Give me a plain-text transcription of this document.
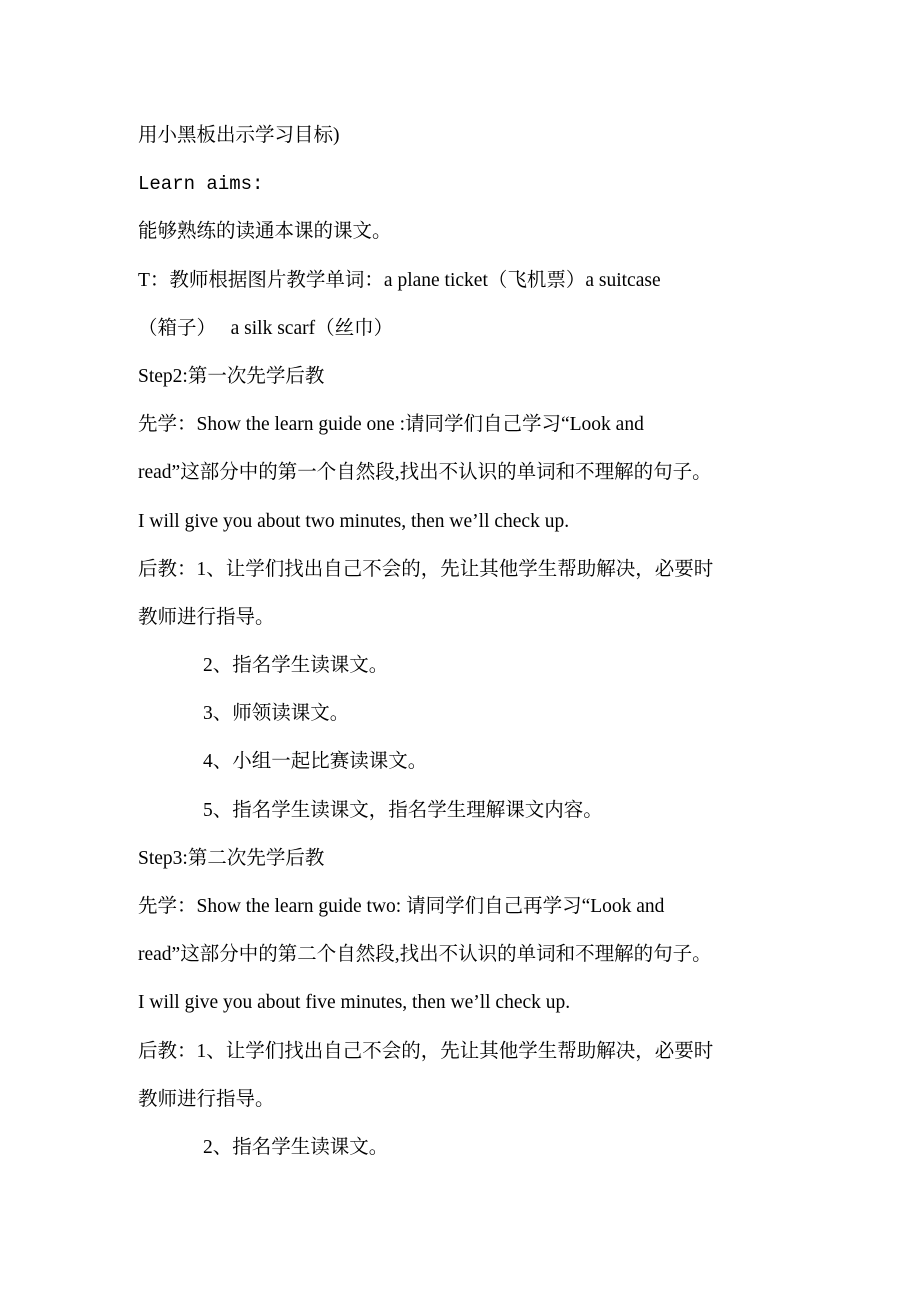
用小黑板出示学习目标)
Learn aims:
能够熟练的读通本课的课文。
T：教师根据图片教学单词：a plane ticket（飞机票）a suitcase
（箱子）   a silk scarf（丝巾）
Step2:第一次先学后教
先学：Show the learn guide one :请同学们自己学习“Look and
read”这部分中的第一个自然段,找出不认识的单词和不理解的句子。
I will give you about two minutes, then we’ll check up.
后教：1、让学们找出自己不会的，先让其他学生帮助解决，必要时
教师进行指导。
2、指名学生读课文。
3、师领读课文。
4、小组一起比赛读课文。
5、指名学生读课文，指名学生理解课文内容。
Step3:第二次先学后教
先学：Show the learn guide two: 请同学们自己再学习“Look and
read”这部分中的第二个自然段,找出不认识的单词和不理解的句子。
I will give you about five minutes, then we’ll check up.
后教：1、让学们找出自己不会的，先让其他学生帮助解决，必要时
教师进行指导。
2、指名学生读课文。
